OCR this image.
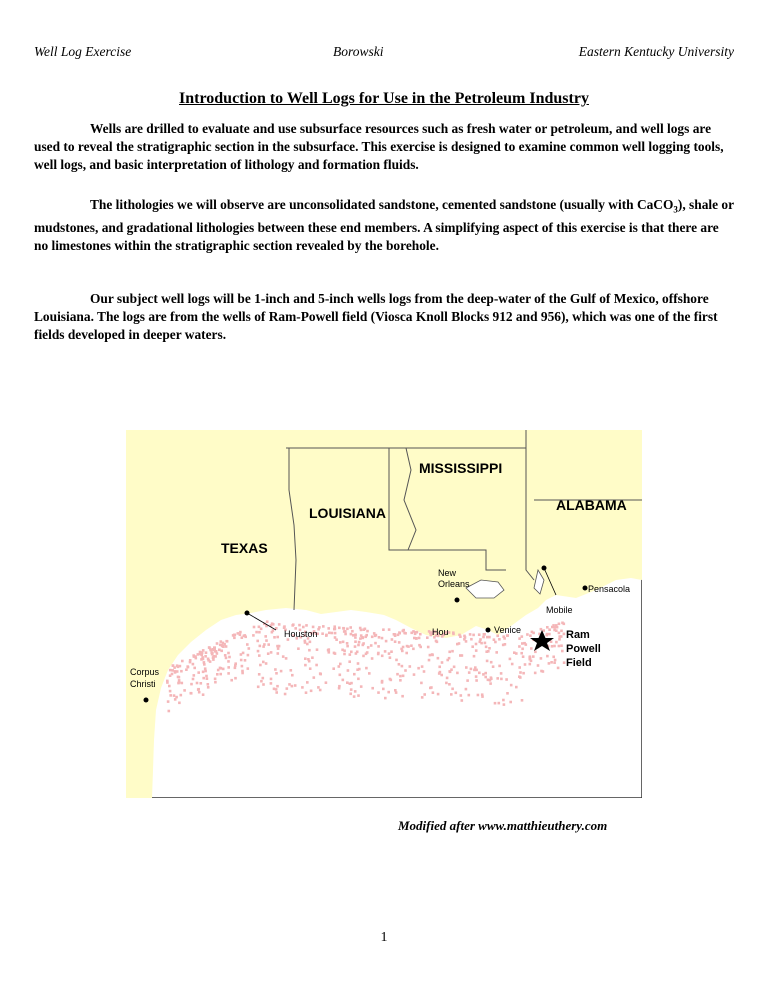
Well Log Exercise	Borowski	Eastern Kentucky University
Introduction to Well Logs for Use in the Petroleum Industry

Wells are drilled to evaluate and use subsurface resources such as fresh water or petroleum, and well logs are used to reveal the stratigraphic section in the subsurface. This exercise is designed to examine common well logging tools, well logs, and basic interpretation of lithology and formation fluids.

The lithologies we will observe are unconsolidated sandstone, cemented sandstone (usually with CaCO$_3$), shale or mudstones, and gradational lithologies between these end members. A simplifying aspect of this exercise is that there are no limestones within the stratigraphic section revealed by the borehole.

Our subject well logs will be 1-inch and 5-inch wells logs from the deep-water of the Gulf of Mexico, offshore Louisiana. The logs are from the wells of Ram-Powell field (Viosca Knoll Blocks 912 and 956), which was one of the first fields developed in deeper waters.

MISSISSIPPI
LOUISIANA	ALABAMA
TEXAS
New
Orleans	Pensacola
Mobile
Houston	Venice
Hou
Corpus
Christi
Ram
Powell
Field
Modified after www.matthieuthery.com
1
